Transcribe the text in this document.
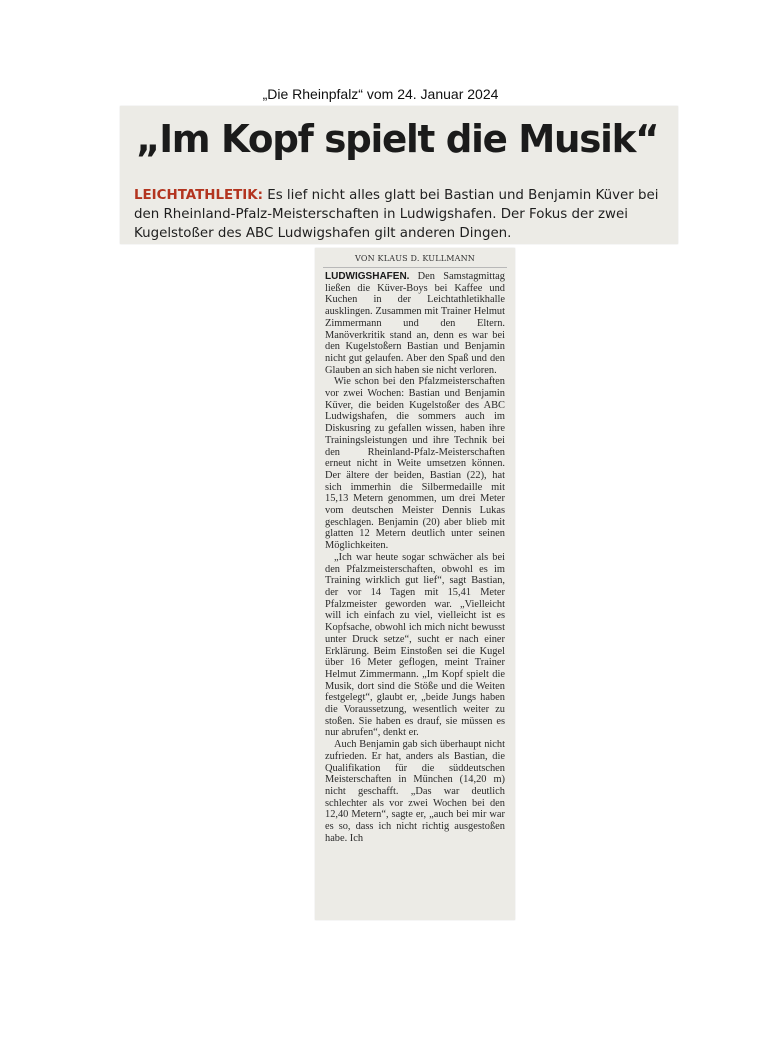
„Die Rheinpfalz“ vom 24. Januar 2024
„Im Kopf spielt die Musik“
LEICHTATHLETIK: Es lief nicht alles glatt bei Bastian und Benjamin Küver bei den Rheinland-Pfalz-Meisterschaften in Ludwigshafen. Der Fokus der zwei Kugelstoßer des ABC Ludwigshafen gilt anderen Dingen.
VON KLAUS D. KULLMANN

LUDWIGSHAFEN. Den Samstagmittag ließen die Küver-Boys bei Kaffee und Kuchen in der Leichtathletikhalle ausklingen. Zusammen mit Trainer Helmut Zimmermann und den Eltern. Manöverkritik stand an, denn es war bei den Kugelstoßern Bastian und Benjamin nicht gut gelaufen. Aber den Spaß und den Glauben an sich haben sie nicht verloren.

Wie schon bei den Pfalzmeisterschaften vor zwei Wochen: Bastian und Benjamin Küver, die beiden Kugelstoßer des ABC Ludwigshafen, die sommers auch im Diskusring zu gefallen wissen, haben ihre Trainingsleistungen und ihre Technik bei den Rheinland-Pfalz-Meisterschaften erneut nicht in Weite umsetzen können. Der ältere der beiden, Bastian (22), hat sich immerhin die Silbermedaille mit 15,13 Metern genommen, um drei Meter vom deutschen Meister Dennis Lukas geschlagen. Benjamin (20) aber blieb mit glatten 12 Metern deutlich unter seinen Möglichkeiten.

„Ich war heute sogar schwächer als bei den Pfalzmeisterschaften, obwohl es im Training wirklich gut lief“, sagt Bastian, der vor 14 Tagen mit 15,41 Meter Pfalzmeister geworden war. „Vielleicht will ich einfach zu viel, vielleicht ist es Kopfsache, obwohl ich mich nicht bewusst unter Druck setze“, sucht er nach einer Erklärung. Beim Einstoßen sei die Kugel über 16 Meter geflogen, meint Trainer Helmut Zimmermann. „Im Kopf spielt die Musik, dort sind die Stöße und die Weiten festgelegt“, glaubt er, „beide Jungs haben die Voraussetzung, wesentlich weiter zu stoßen. Sie haben es drauf, sie müssen es nur abrufen“, denkt er.

Auch Benjamin gab sich überhaupt nicht zufrieden. Er hat, anders als Bastian, die Qualifikation für die süddeutschen Meisterschaften in München (14,20 m) nicht geschafft. „Das war deutlich schlechter als vor zwei Wochen bei den 12,40 Metern“, sagte er, „auch bei mir war es so, dass ich nicht richtig ausgestoßen habe. Ich
